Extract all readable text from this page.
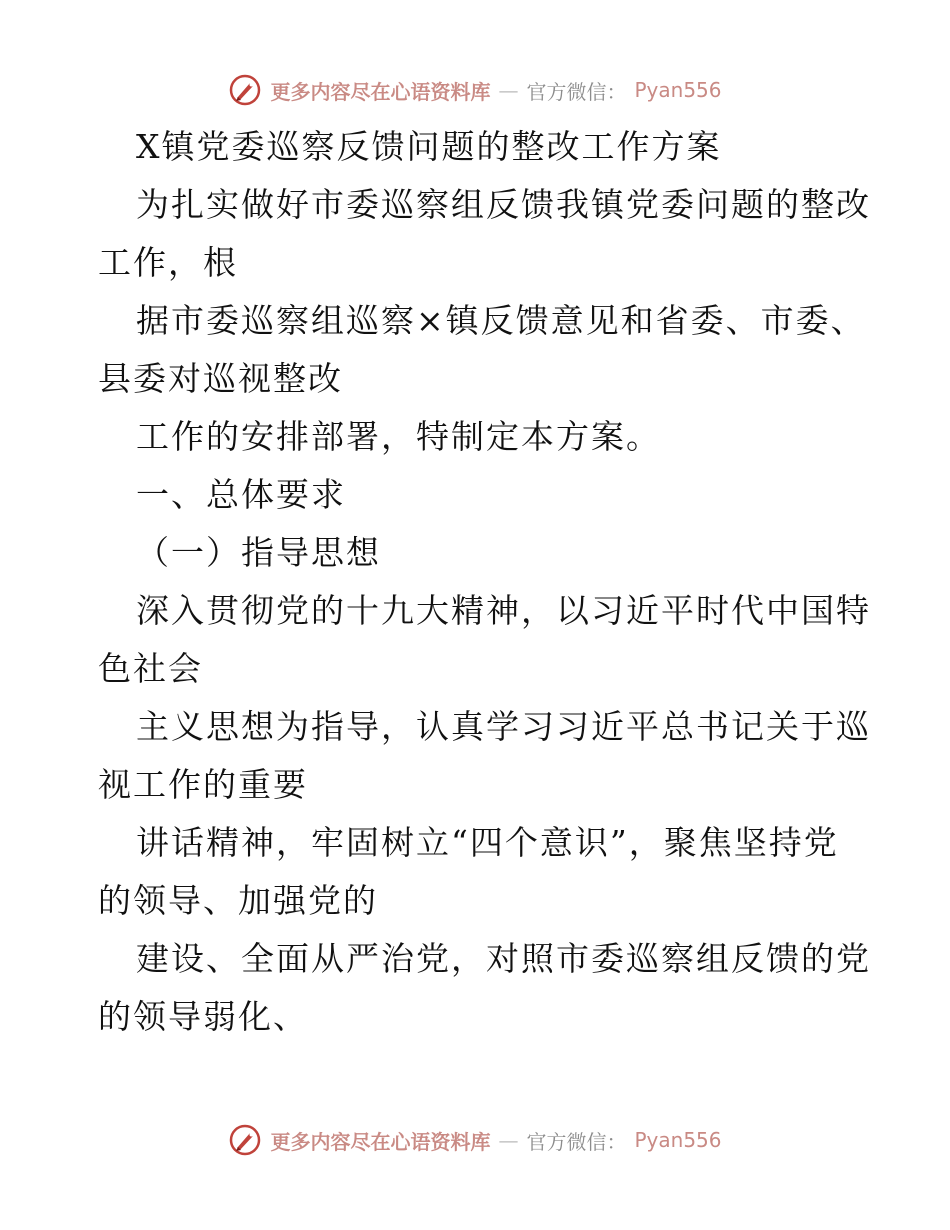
更多内容尽在心语资料库 — 官方微信： Pyan556
X镇党委巡察反馈问题的整改工作方案
为扎实做好市委巡察组反馈我镇党委问题的整改
工作，根
据市委巡察组巡察×镇反馈意见和省委、市委、
县委对巡视整改
工作的安排部署，特制定本方案。
一、总体要求
（一）指导思想
深入贯彻党的十九大精神，以习近平时代中国特
色社会
主义思想为指导，认真学习习近平总书记关于巡
视工作的重要
讲话精神，牢固树立“四个意识”，聚焦坚持党
的领导、加强党的
建设、全面从严治党，对照市委巡察组反馈的党
的领导弱化、
更多内容尽在心语资料库 — 官方微信： Pyan556
